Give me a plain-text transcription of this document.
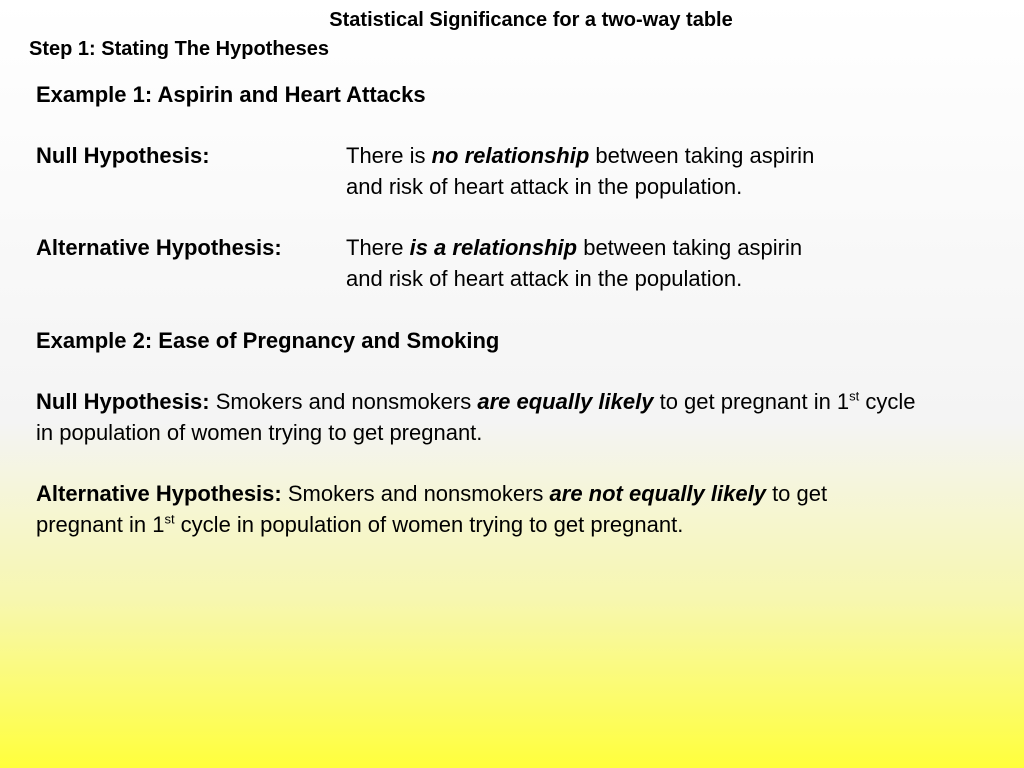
Statistical Significance for a two-way table
Step 1: Stating The Hypotheses
Example 1: Aspirin and Heart Attacks
Null Hypothesis:	There is no relationship between taking aspirin
and risk of heart attack in the population.
Alternative Hypothesis:	There is a relationship between taking aspirin
and risk of heart attack in the population.
Example 2: Ease of Pregnancy and Smoking
Null Hypothesis: Smokers and nonsmokers are equally likely to get pregnant in 1st cycle
in population of women trying to get pregnant.
Alternative Hypothesis: Smokers and nonsmokers are not equally likely to get
pregnant in 1st cycle in population of women trying to get pregnant.
